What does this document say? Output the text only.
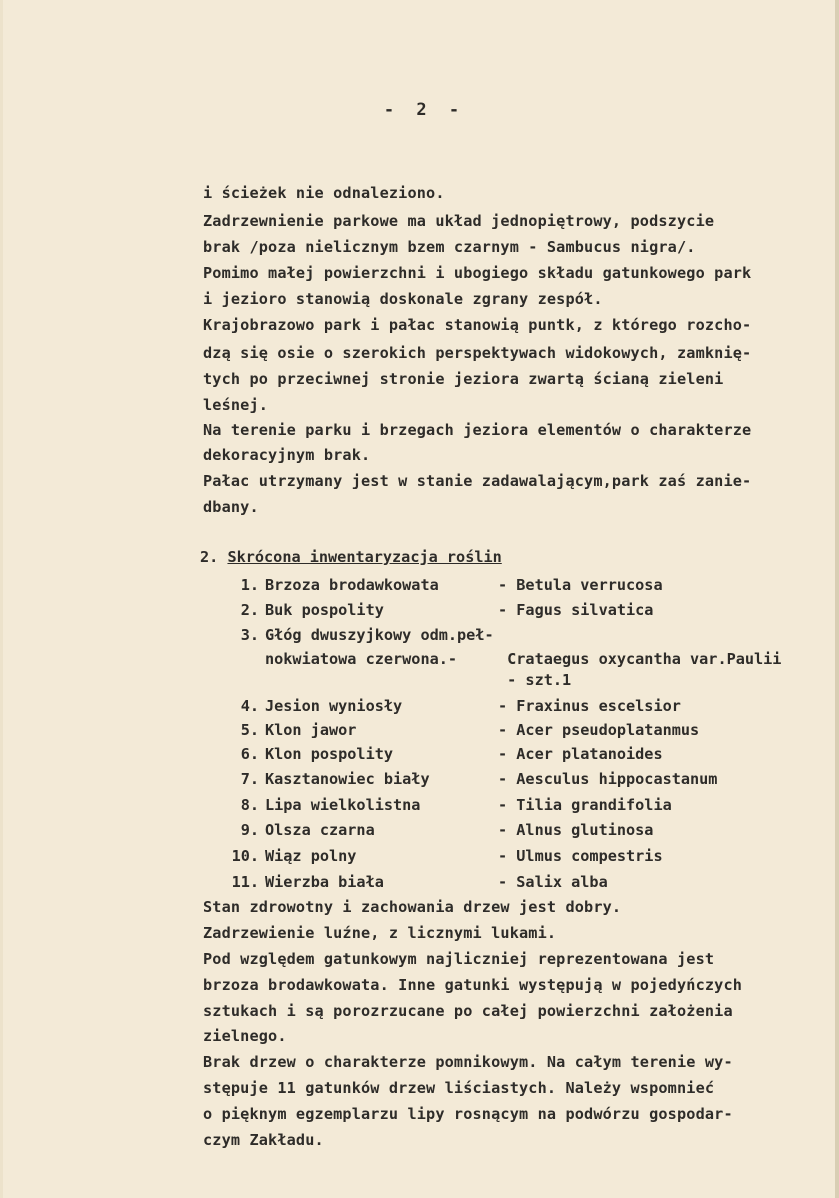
- 2 -
i ścieżek nie odnaleziono.
Zadrzewnienie parkowe ma układ jednopiętrowy, podszycie
brak /poza nielicznym bzem czarnym - Sambucus nigra/.
Pomimo małej powierzchni i ubogiego składu gatunkowego park
i jezioro stanowią doskonale zgrany zespół.
Krajobrazowo park i pałac stanowią puntk, z którego rozcho-
dzą się osie o szerokich perspektywach widokowych, zamknię-
tych po przeciwnej stronie jeziora zwartą ścianą zieleni
leśnej.
Na terenie parku i brzegach jeziora elementów o charakterze
dekoracyjnym brak.
Pałac utrzymany jest w stanie zadawalającym,park zaś zanie-
dbany.
2. Skrócona inwentaryzacja roślin
1. Brzoza brodawkowata	- Betula verrucosa
2. Buk pospolity	- Fagus silvatica
3. Głóg dwuszyjkowy odm.peł-
nokwiatowa czerwona.-	Crataegus oxycantha var.Paulii
- szt.1
4. Jesion wyniosły	- Fraxinus escelsior
5. Klon jawor	- Acer pseudoplatanmus
6. Klon pospolity	- Acer platanoides
7. Kasztanowiec biały	- Aesculus hippocastanum
8. Lipa wielkolistna	- Tilia grandifolia
9. Olsza czarna	- Alnus glutinosa
10. Wiąz polny	- Ulmus compestris
11. Wierzba biała	- Salix alba
Stan zdrowotny i zachowania drzew jest dobry.
Zadrzewienie luźne, z licznymi lukami.
Pod względem gatunkowym najliczniej reprezentowana jest
brzoza brodawkowata. Inne gatunki występują w pojedyńczych
sztukach i są porozrzucane po całej powierzchni założenia
zielnego.
Brak drzew o charakterze pomnikowym. Na całym terenie wy-
stępuje 11 gatunków drzew liściastych. Należy wspomnieć
o pięknym egzemplarzu lipy rosnącym na podwórzu gospodar-
czym Zakładu.
